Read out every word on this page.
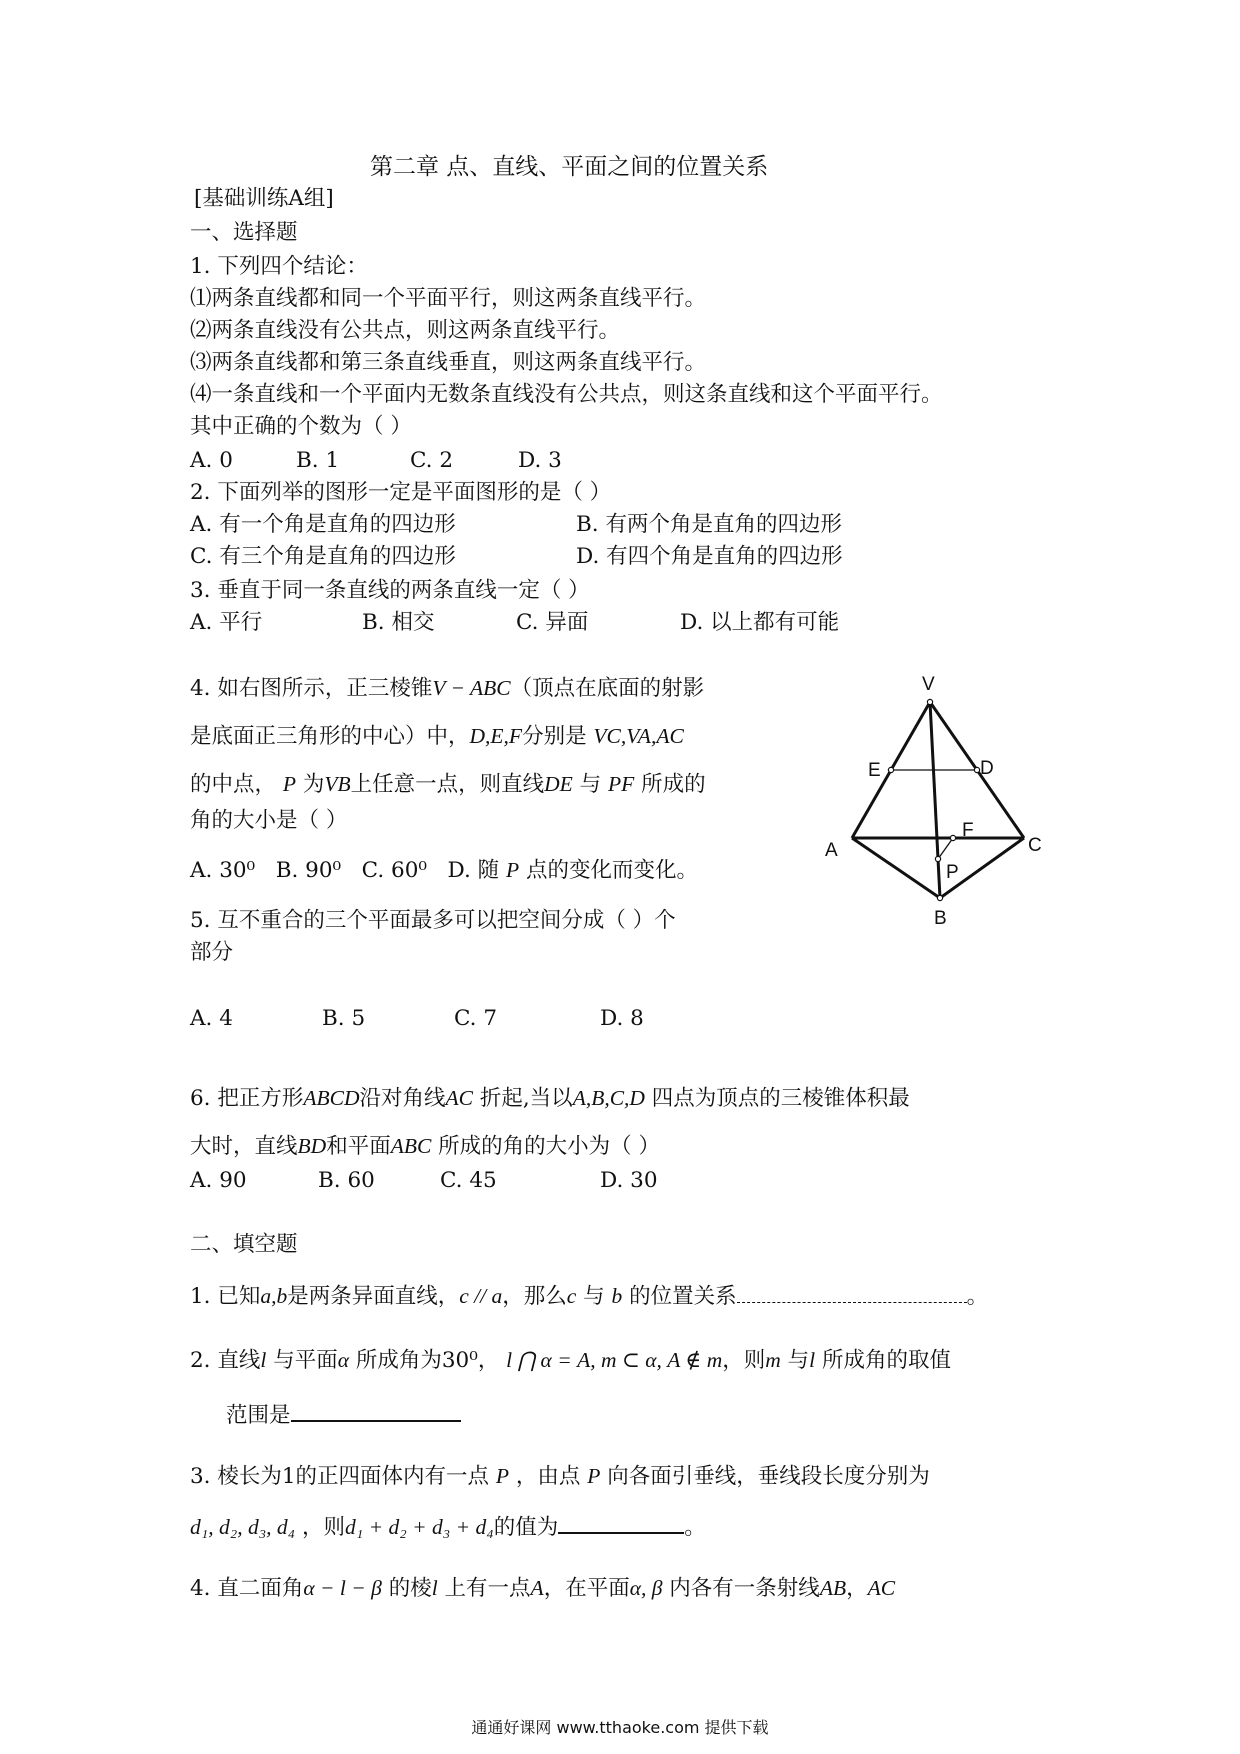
第二章 点、直线、平面之间的位置关系
[基础训练A组]
一、选择题
1. 下列四个结论：
⑴两条直线都和同一个平面平行，则这两条直线平行。
⑵两条直线没有公共点，则这两条直线平行。
⑶两条直线都和第三条直线垂直，则这两条直线平行。
⑷一条直线和一个平面内无数条直线没有公共点，则这条直线和这个平面平行。
其中正确的个数为（ ）
A. 0	B. 1	C. 2	D. 3
2. 下面列举的图形一定是平面图形的是（ ）
A. 有一个角是直角的四边形	B. 有两个角是直角的四边形
C. 有三个角是直角的四边形	D. 有四个角是直角的四边形
3. 垂直于同一条直线的两条直线一定（ ）
A. 平行	B. 相交	C. 异面	D. 以上都有可能
4. 如右图所示，正三棱锥V − ABC（顶点在底面的射影
是底面正三角形的中心）中，D,E,F分别是 VC,VA,AC
的中点， P 为VB上任意一点，则直线DE 与 PF 所成的
角的大小是（ ）
A. 30⁰ B. 90⁰ C. 60⁰ D. 随 P 点的变化而变化。
V
E	D
F
A	C
P
B
5. 互不重合的三个平面最多可以把空间分成（ ）个
部分
A. 4	B. 5	C. 7	D. 8
6. 把正方形ABCD沿对角线AC 折起,当以A,B,C,D 四点为顶点的三棱锥体积最
大时，直线BD和平面ABC 所成的角的大小为（ ）
A. 90	B. 60	C. 45	D. 30
二、填空题
1. 已知a,b是两条异面直线，c // a，那么c 与 b 的位置关系	。
2. 直线l 与平面α 所成角为30⁰， l ⋂ α = A, m ⊂ α, A ∉ m，则m 与l 所成角的取值
范围是
3. 棱长为1的正四面体内有一点 P ，由点 P 向各面引垂线，垂线段长度分别为
d₁, d₂, d₃, d₄ ，则d₁ + d₂ + d₃ + d₄的值为	。
4. 直二面角α − l − β 的棱l 上有一点A，在平面α, β 内各有一条射线AB，AC
通通好课网 www.tthaoke.com 提供下载
